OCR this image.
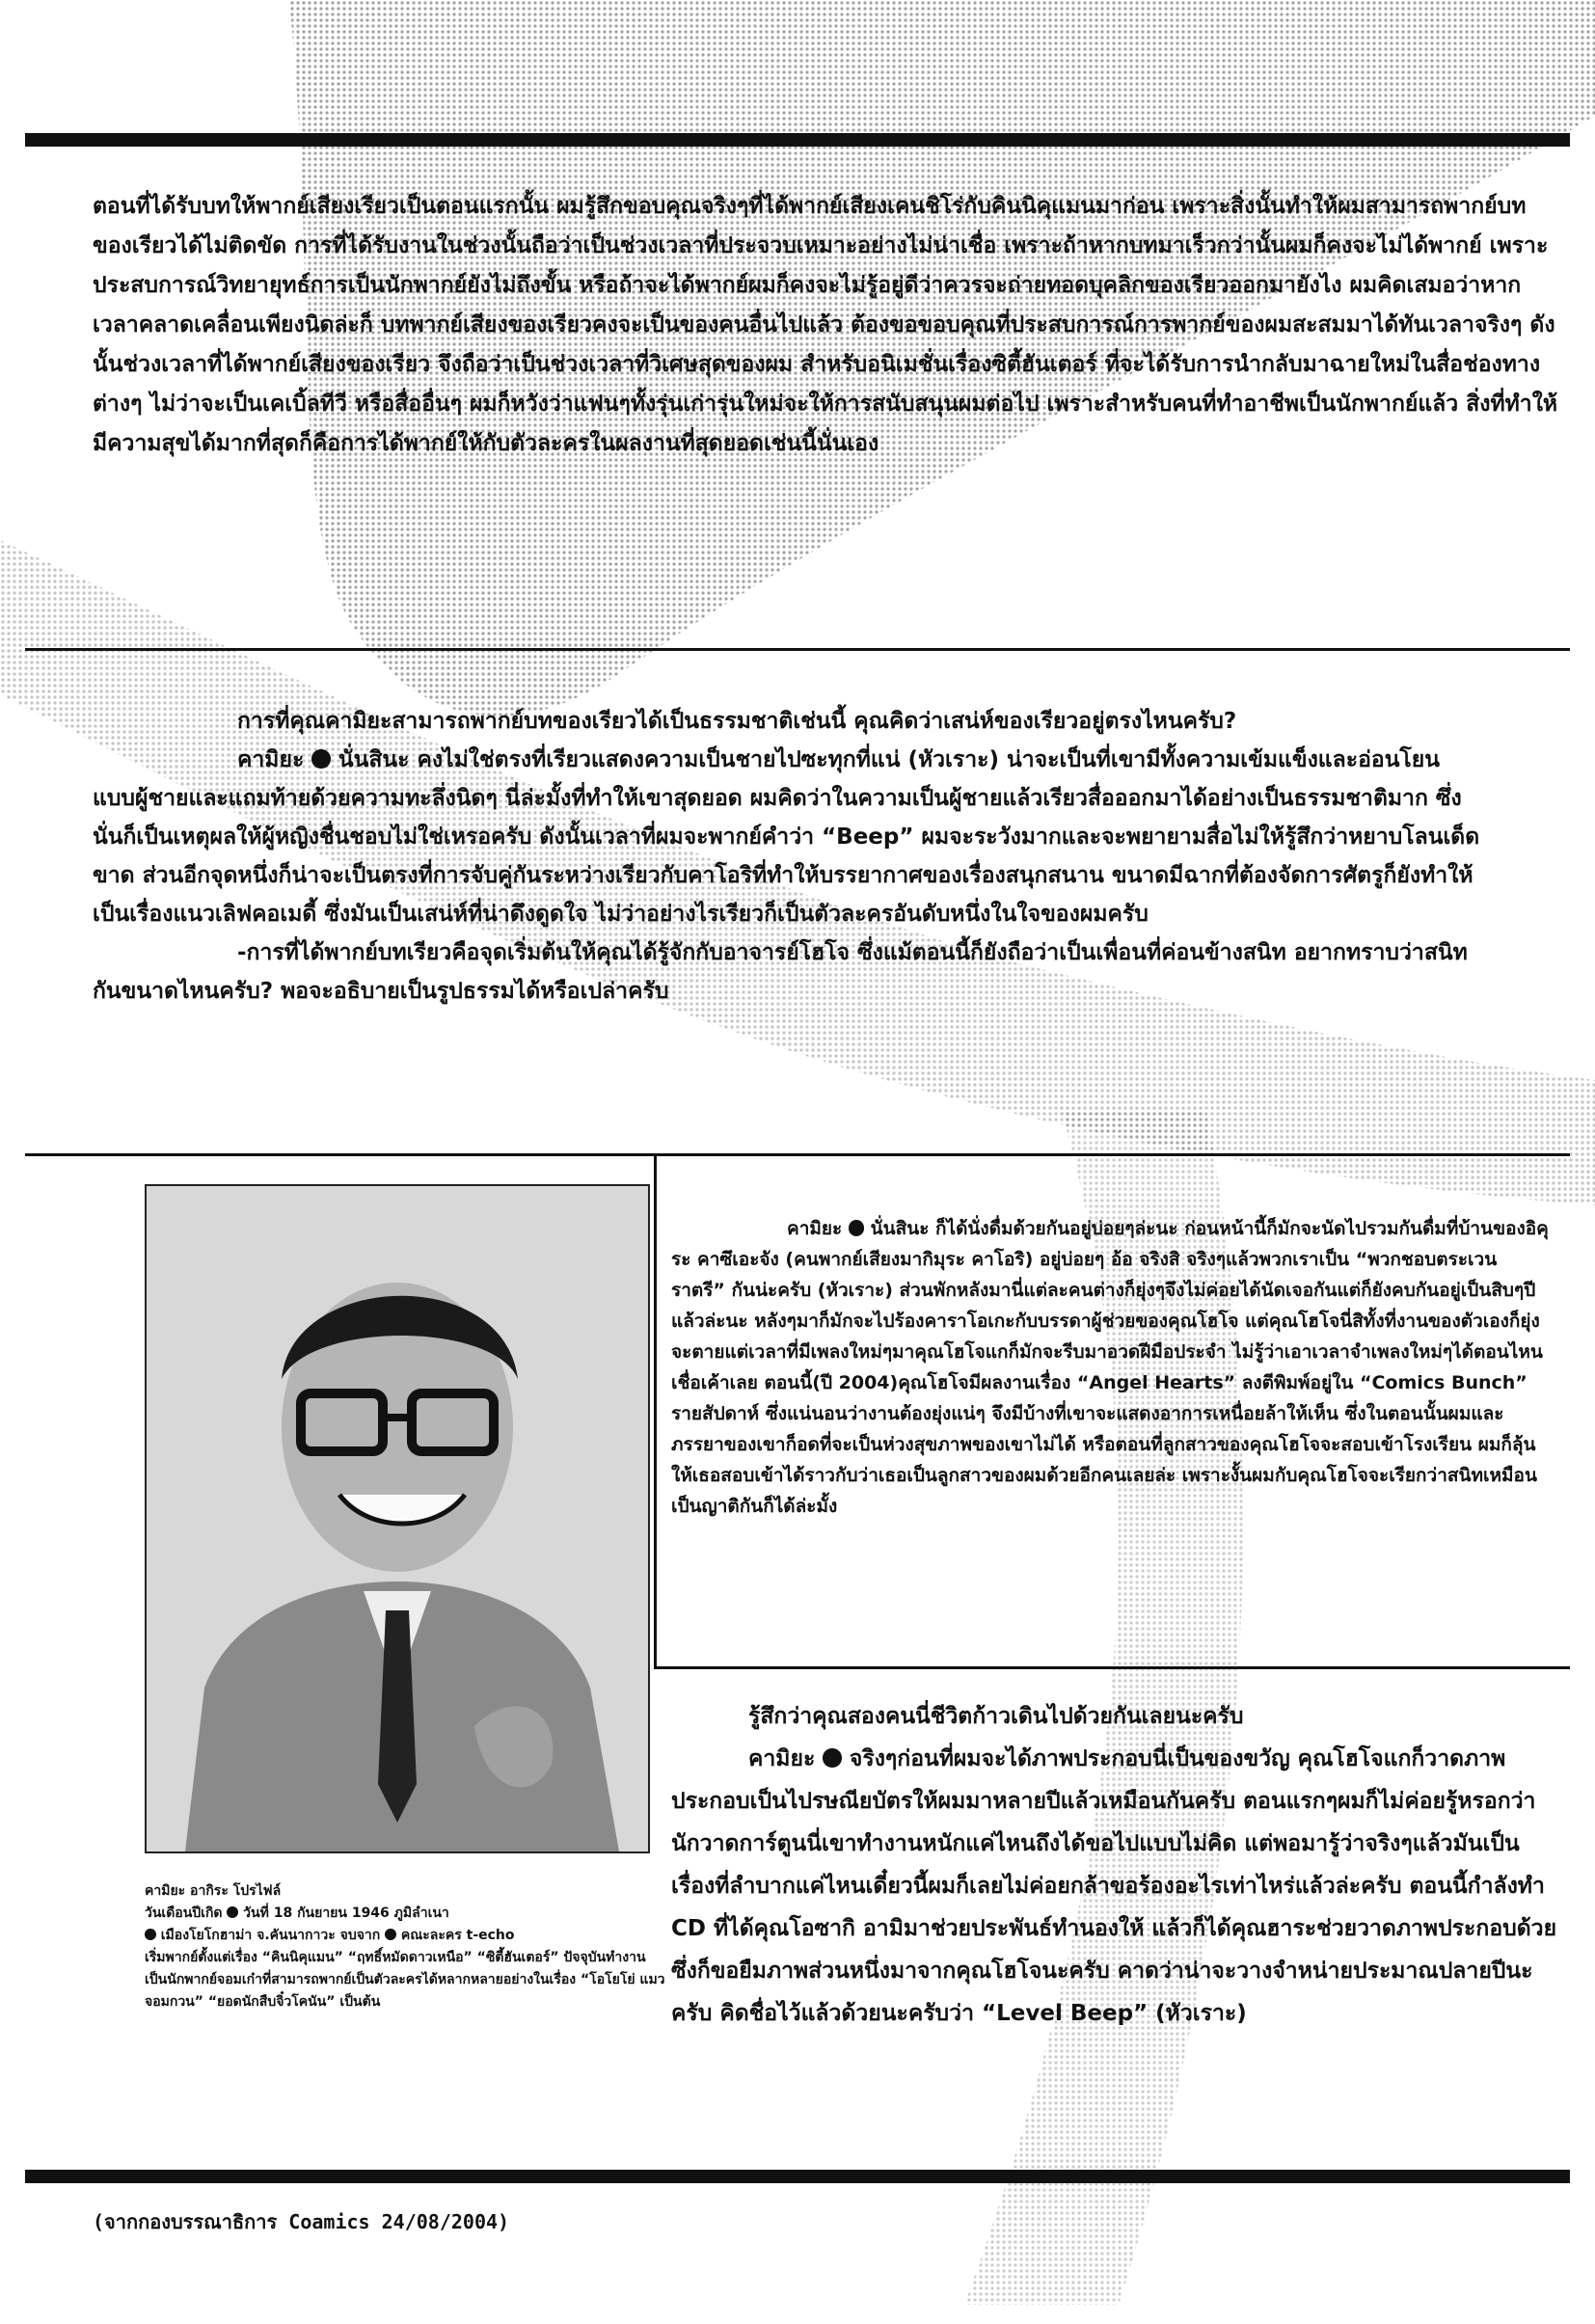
ตอนที่ได้รับบทให้พากย์เสียงเรียวเป็นตอนแรกนั้น ผมรู้สึกขอบคุณจริงๆที่ได้พากย์เสียงเคนชิโร่กับคินนิคุแมนมาก่อน เพราะสิ่งนั้นทำให้ผมสามารถพากย์บทของเรียวได้ไม่ติดขัด การที่ได้รับงานในช่วงนั้นถือว่าเป็นช่วงเวลาที่ประจวบเหมาะอย่างไม่น่าเชื่อ เพราะถ้าหากบทมาเร็วกว่านั้นผมก็คงจะไม่ได้พากย์ เพราะประสบการณ์วิทยายุทธ์การเป็นนักพากย์ยังไม่ถึงขั้น หรือถ้าจะได้พากย์ผมก็คงจะไม่รู้อยู่ดีว่าควรจะถ่ายทอดบุคลิกของเรียวออกมายังไง ผมคิดเสมอว่าหากเวลาคลาดเคลื่อนเพียงนิดล่ะก็ บทพากย์เสียงของเรียวคงจะเป็นของคนอื่นไปแล้ว ต้องขอขอบคุณที่ประสบการณ์การพากย์ของผมสะสมมาได้ทันเวลาจริงๆ ดังนั้นช่วงเวลาที่ได้พากย์เสียงของเรียว จึงถือว่าเป็นช่วงเวลาที่วิเศษสุดของผม สำหรับอนิเมชั่นเรื่องซิตี้ฮันเตอร์ ที่จะได้รับการนำกลับมาฉายใหม่ในสื่อช่องทางต่างๆ ไม่ว่าจะเป็นเคเบิ้ลทีวี หรือสื่ออื่นๆ ผมก็หวังว่าแฟนๆทั้งรุ่นเก่ารุ่นใหม่จะให้การสนับสนุนผมต่อไป เพราะสำหรับคนที่ทำอาชีพเป็นนักพากย์แล้ว สิ่งที่ทำให้มีความสุขได้มากที่สุดก็คือการได้พากย์ให้กับตัวละครในผลงานที่สุดยอดเช่นนี้นั่นเอง

การที่คุณคามิยะสามารถพากย์บทของเรียวได้เป็นธรรมชาติเช่นนี้ คุณคิดว่าเสน่ห์ของเรียวอยู่ตรงไหนครับ?

คามิยะ นั่นสินะ คงไม่ใช่ตรงที่เรียวแสดงความเป็นชายไปซะทุกที่แน่ (หัวเราะ) น่าจะเป็นที่เขามีทั้งความเข้มแข็งและอ่อนโยนแบบผู้ชายและแถมท้ายด้วยความทะลึ่งนิดๆ นี่ล่ะมั้งที่ทำให้เขาสุดยอด ผมคิดว่าในความเป็นผู้ชายแล้วเรียวสื่อออกมาได้อย่างเป็นธรรมชาติมาก ซึ่งนั่นก็เป็นเหตุผลให้ผู้หญิงชื่นชอบไม่ใช่เหรอครับ ดังนั้นเวลาที่ผมจะพากย์คำว่า “Beep” ผมจะระวังมากและจะพยายามสื่อไม่ให้รู้สึกว่าหยาบโลนเด็ดขาด ส่วนอีกจุดหนึ่งก็น่าจะเป็นตรงที่การจับคู่กันระหว่างเรียวกับคาโอริที่ทำให้บรรยากาศของเรื่องสนุกสนาน ขนาดมีฉากที่ต้องจัดการศัตรูก็ยังทำให้เป็นเรื่องแนวเลิฟคอเมดี้ ซึ่งมันเป็นเสน่ห์ที่น่าดึงดูดใจ ไม่ว่าอย่างไรเรียวก็เป็นตัวละครอันดับหนึ่งในใจของผมครับ

-การที่ได้พากย์บทเรียวคือจุดเริ่มต้นให้คุณได้รู้จักกับอาจารย์โฮโจ ซึ่งแม้ตอนนี้ก็ยังถือว่าเป็นเพื่อนที่ค่อนข้างสนิท อยากทราบว่าสนิทกันขนาดไหนครับ? พอจะอธิบายเป็นรูปธรรมได้หรือเปล่าครับ

คามิยะ นั่นสินะ ก็ได้นั่งดื่มด้วยกันอยู่บ่อยๆล่ะนะ ก่อนหน้านี้ก็มักจะนัดไปรวมกันดื่มที่บ้านของอิคุระ คาซึเอะจัง (คนพากย์เสียงมากิมุระ คาโอริ) อยู่บ่อยๆ อ้อ จริงสิ จริงๆแล้วพวกเราเป็น “พวกชอบตระเวนราตรี” กันน่ะครับ (หัวเราะ) ส่วนพักหลังมานี่แต่ละคนต่างก็ยุ่งๆจึงไม่ค่อยได้นัดเจอกันแต่ก็ยังคบกันอยู่เป็นสิบๆปีแล้วล่ะนะ หลังๆมาก็มักจะไปร้องคาราโอเกะกับบรรดาผู้ช่วยของคุณโฮโจ แต่คุณโฮโจนี่สิทั้งที่งานของตัวเองก็ยุ่งจะตายแต่เวลาที่มีเพลงใหม่ๆมาคุณโฮโจแกก็มักจะรีบมาอวดฝีมือประจำ ไม่รู้ว่าเอาเวลาจำเพลงใหม่ๆได้ตอนไหน เชื่อเค้าเลย ตอนนี้(ปี 2004)คุณโฮโจมีผลงานเรื่อง “Angel Hearts” ลงตีพิมพ์อยู่ใน “Comics Bunch” รายสัปดาห์ ซึ่งแน่นอนว่างานต้องยุ่งแน่ๆ จึงมีบ้างที่เขาจะแสดงอาการเหนื่อยล้าให้เห็น ซึ่งในตอนนั้นผมและภรรยาของเขาก็อดที่จะเป็นห่วงสุขภาพของเขาไม่ได้ หรือตอนที่ลูกสาวของคุณโฮโจจะสอบเข้าโรงเรียน ผมก็ลุ้นให้เธอสอบเข้าได้ราวกับว่าเธอเป็นลูกสาวของผมด้วยอีกคนเลยล่ะ เพราะงั้นผมกับคุณโฮโจจะเรียกว่าสนิทเหมือนเป็นญาติกันก็ได้ล่ะมั้ง

รู้สึกว่าคุณสองคนนี่ชีวิตก้าวเดินไปด้วยกันเลยนะครับ

คามิยะ จริงๆก่อนที่ผมจะได้ภาพประกอบนี่เป็นของขวัญ คุณโฮโจแกก็วาดภาพประกอบเป็นไปรษณียบัตรให้ผมมาหลายปีแล้วเหมือนกันครับ ตอนแรกๆผมก็ไม่ค่อยรู้หรอกว่านักวาดการ์ตูนนี่เขาทำงานหนักแค่ไหนถึงได้ขอไปแบบไม่คิด แต่พอมารู้ว่าจริงๆแล้วมันเป็นเรื่องที่ลำบากแค่ไหนเดี๋ยวนี้ผมก็เลยไม่ค่อยกล้าขอร้องอะไรเท่าไหร่แล้วล่ะครับ ตอนนี้กำลังทำ CD ที่ได้คุณโอซากิ อามิมาช่วยประพันธ์ทำนองให้ แล้วก็ได้คุณฮาระช่วยวาดภาพประกอบด้วย ซึ่งก็ขอยืมภาพส่วนหนึ่งมาจากคุณโฮโจนะครับ คาดว่าน่าจะวางจำหน่ายประมาณปลายปีนะครับ คิดชื่อไว้แล้วด้วยนะครับว่า “Level Beep” (หัวเราะ)

คามิยะ อากิระ โปรไฟล์

วันเดือนปีเกิด วันที่ 18 กันยายน 1946 ภูมิลำเนา

เมืองโยโกฮาม่า จ.คันนากาวะ จบจาก คณะละคร t-echo

เริ่มพากย์ตั้งแต่เรื่อง “คินนิคุแมน” “ฤทธิ์หมัดดาวเหนือ” “ซิตี้ฮันเตอร์” ปัจจุบันทำงานเป็นนักพากย์จอมเก๋าที่สามารถพากย์เป็นตัวละครได้หลากหลายอย่างในเรื่อง “โอโยโย่ แมวจอมกวน” “ยอดนักสืบจิ๋วโคนัน” เป็นต้น

(จากกองบรรณาธิการ Coamics 24/08/2004)
